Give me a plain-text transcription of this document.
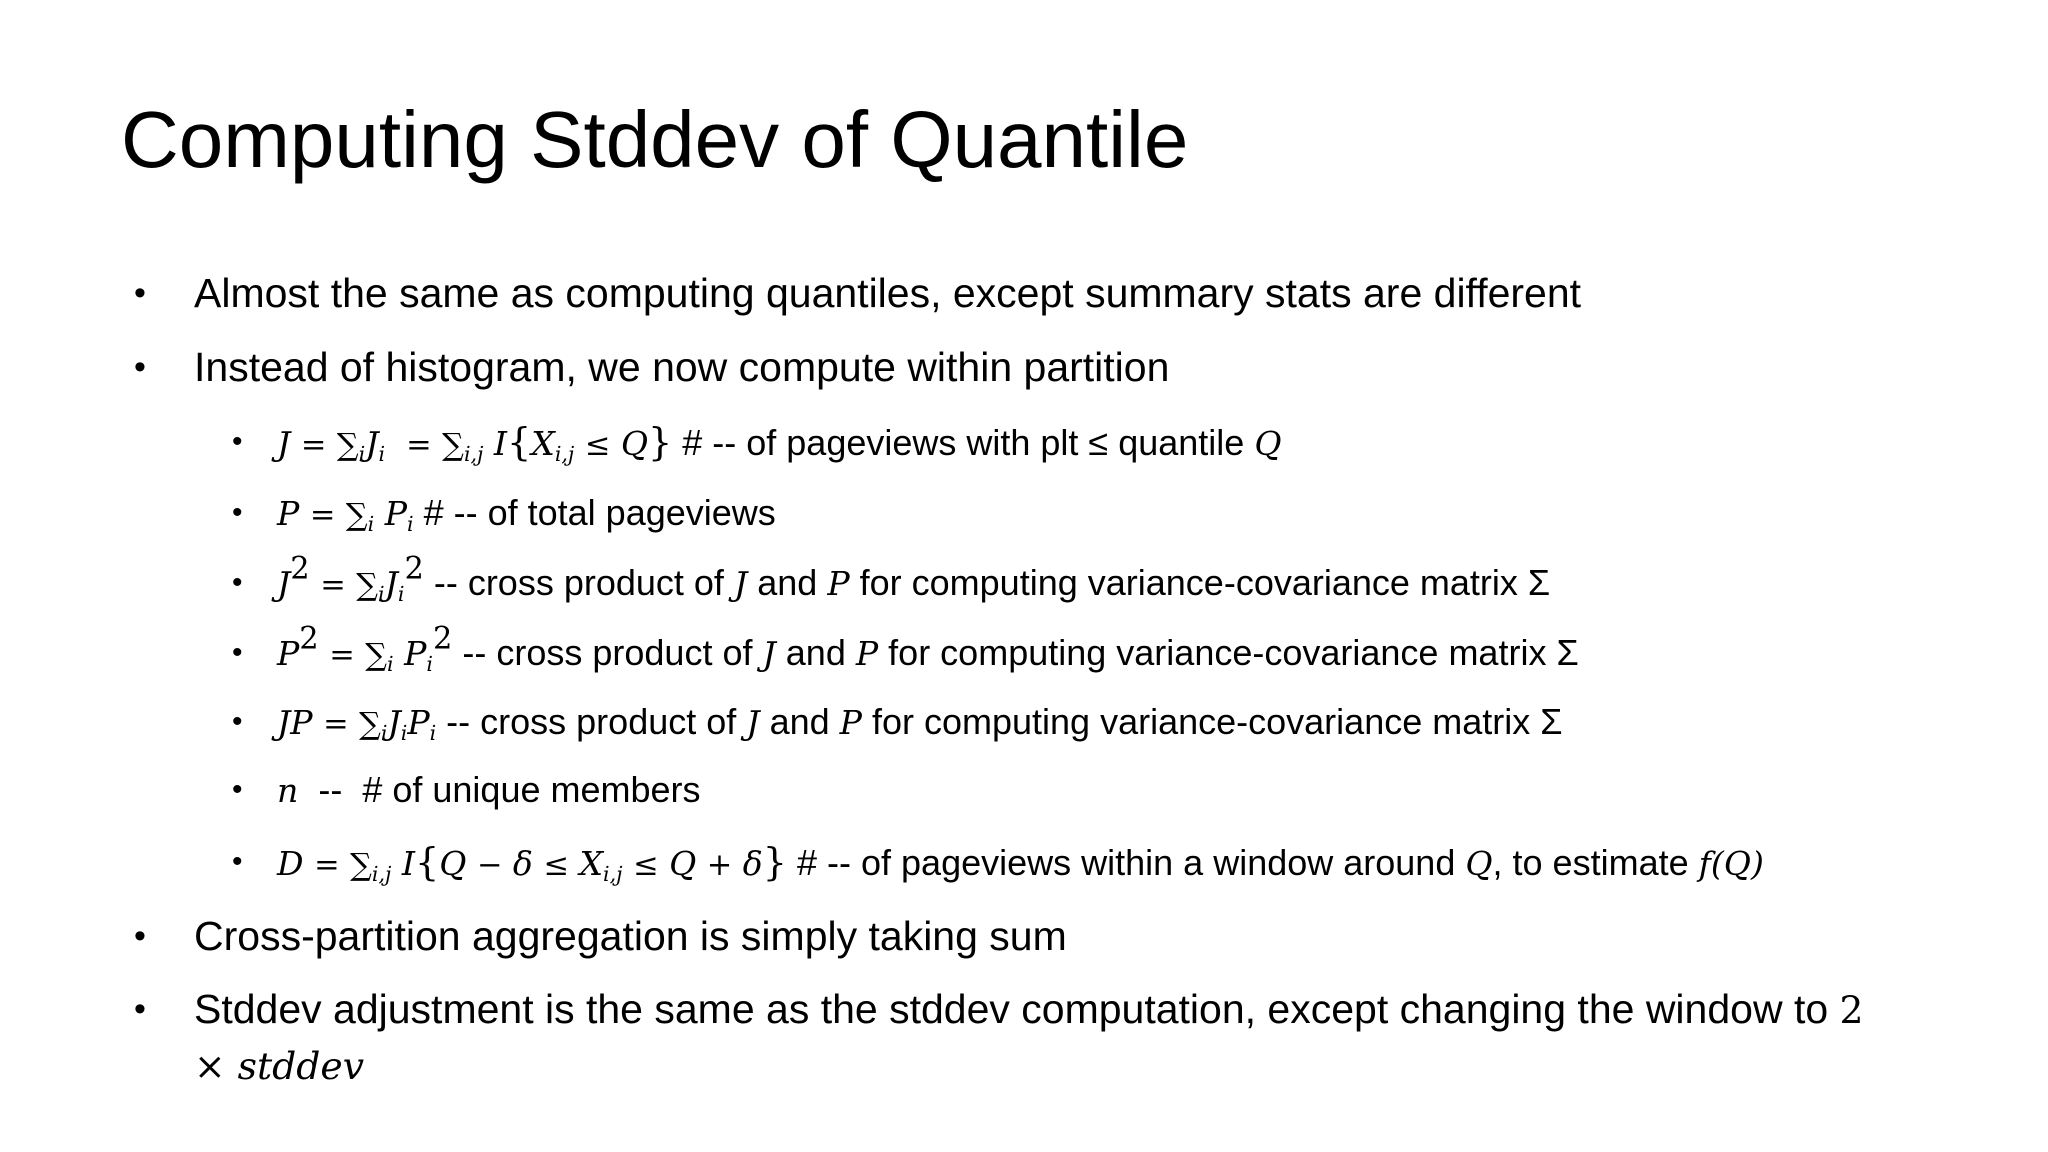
Computing Stddev of Quantile
• Almost the same as computing quantiles, except summary stats are different
• Instead of histogram, we now compute within partition
• $J = \sum_iJ_i = \sum_{i,j}$ $I\{X_{i,j} \le Q\}$ # -- of pageviews with plt ≤ quantile Q
• $P = \sum_i$ $P_i$ # -- of total pageviews
• $J^2 = \sum_iJ_i^2$ -- cross product of J and P for computing variance-covariance matrix Σ
• $P^2 = \sum_i$ $P_i^2$ -- cross product of J and P for computing variance-covariance matrix Σ
• JP = $\sum_iJ_iP_i$ -- cross product of J and P for computing variance-covariance matrix Σ
• n  --  # of unique members
• $D = \sum_{i,j}$ $I\{Q - \delta \le X_{i,j} \le Q + \delta\}$ # -- of pageviews within a window around Q, to estimate f(Q)
• Cross-partition aggregation is simply taking sum
• Stddev adjustment is the same as the stddev computation, except changing the window to 2
× stddev
